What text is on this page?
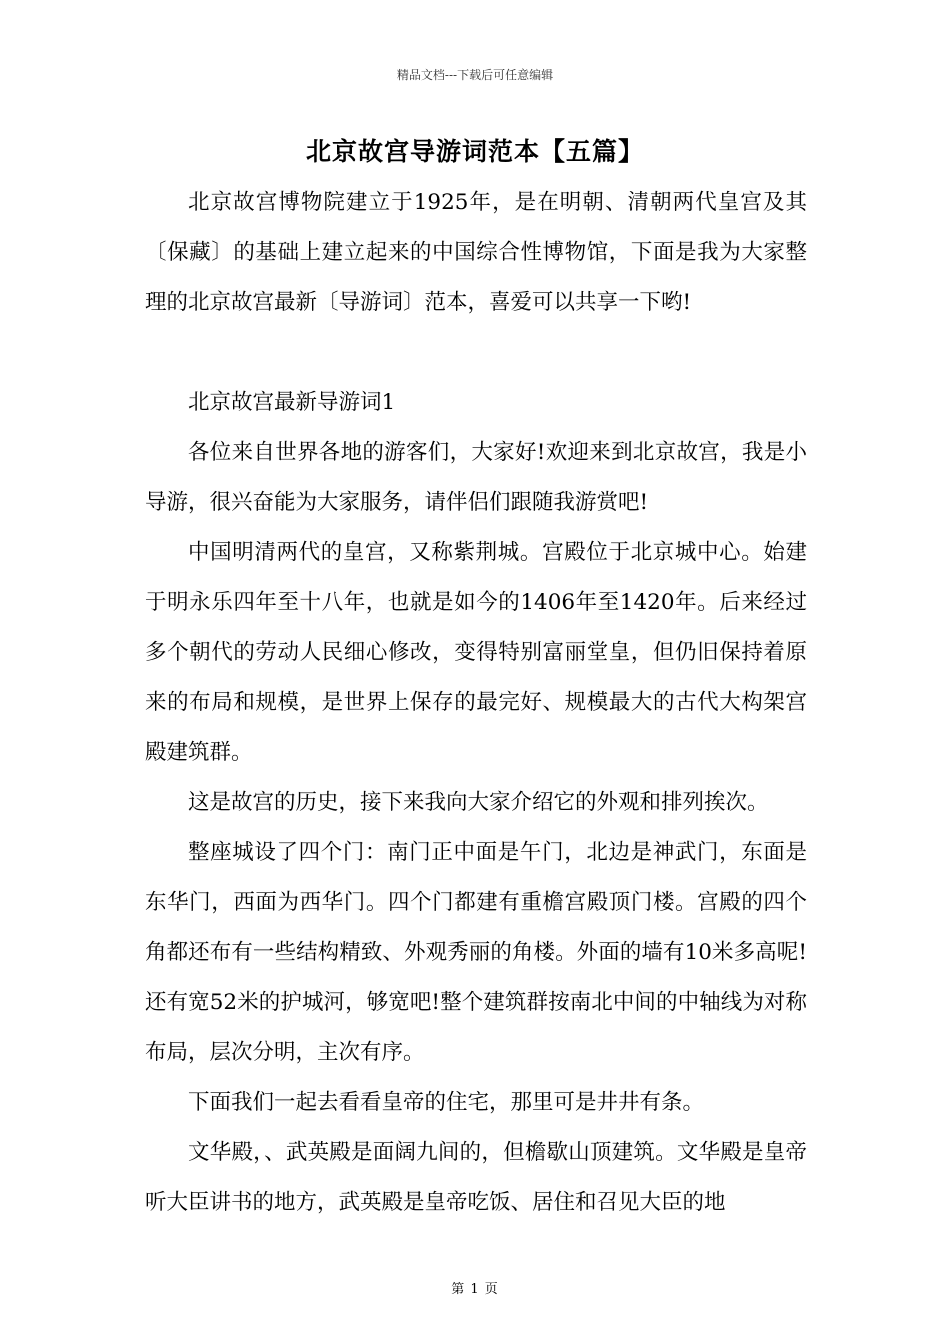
精品文档---下载后可任意编辑
北京故宫导游词范本【五篇】

北京故宫博物院建立于1925年，是在明朝、清朝两代皇宫及其〔保藏〕的基础上建立起来的中国综合性博物馆，下面是我为大家整理的北京故宫最新〔导游词〕范本，喜爱可以共享一下哟!

北京故宫最新导游词1

各位来自世界各地的游客们，大家好!欢迎来到北京故宫，我是小导游，很兴奋能为大家服务，请伴侣们跟随我游赏吧!

中国明清两代的皇宫，又称紫荆城。宫殿位于北京城中心。始建于明永乐四年至十八年，也就是如今的1406年至1420年。后来经过多个朝代的劳动人民细心修改，变得特别富丽堂皇，但仍旧保持着原来的布局和规模，是世界上保存的最完好、规模最大的古代大构架宫殿建筑群。

这是故宫的历史，接下来我向大家介绍它的外观和排列挨次。

整座城设了四个门：南门正中面是午门，北边是神武门，东面是东华门，西面为西华门。四个门都建有重檐宫殿顶门楼。宫殿的四个角都还布有一些结构精致、外观秀丽的角楼。外面的墙有10米多高呢!还有宽52米的护城河，够宽吧!整个建筑群按南北中间的中轴线为对称布局，层次分明，主次有序。

下面我们一起去看看皇帝的住宅，那里可是井井有条。

文华殿，、武英殿是面阔九间的，但檐歇山顶建筑。文华殿是皇帝听大臣讲书的地方，武英殿是皇帝吃饭、居住和召见大臣的地

第 1 页
